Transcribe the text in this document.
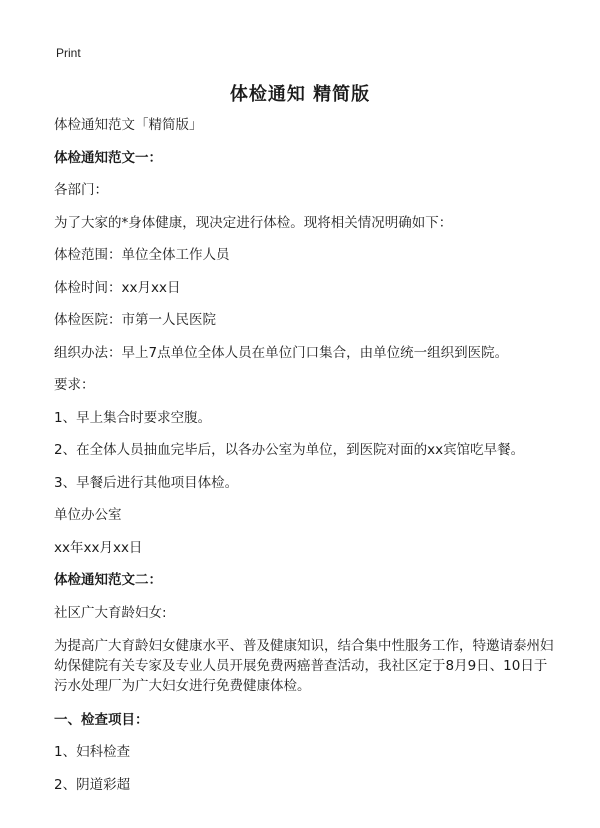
Print
体检通知 精简版

体检通知范文「精简版」

体检通知范文一：

各部门：

为了大家的*身体健康，现决定进行体检。现将相关情况明确如下：

体检范围：单位全体工作人员

体检时间：xx月xx日

体检医院：市第一人民医院

组织办法：早上7点单位全体人员在单位门口集合，由单位统一组织到医院。

要求：

1、早上集合时要求空腹。

2、在全体人员抽血完毕后，以各办公室为单位，到医院对面的xx宾馆吃早餐。

3、早餐后进行其他项目体检。

单位办公室

xx年xx月xx日

体检通知范文二：

社区广大育龄妇女:

为提高广大育龄妇女健康水平、普及健康知识，结合集中性服务工作，特邀请泰州妇幼保健院有关专家及专业人员开展免费两癌普查活动，我社区定于8月9日、10日于污水处理厂为广大妇女进行免费健康体检。

一、检查项目：

1、妇科检查

2、阴道彩超
